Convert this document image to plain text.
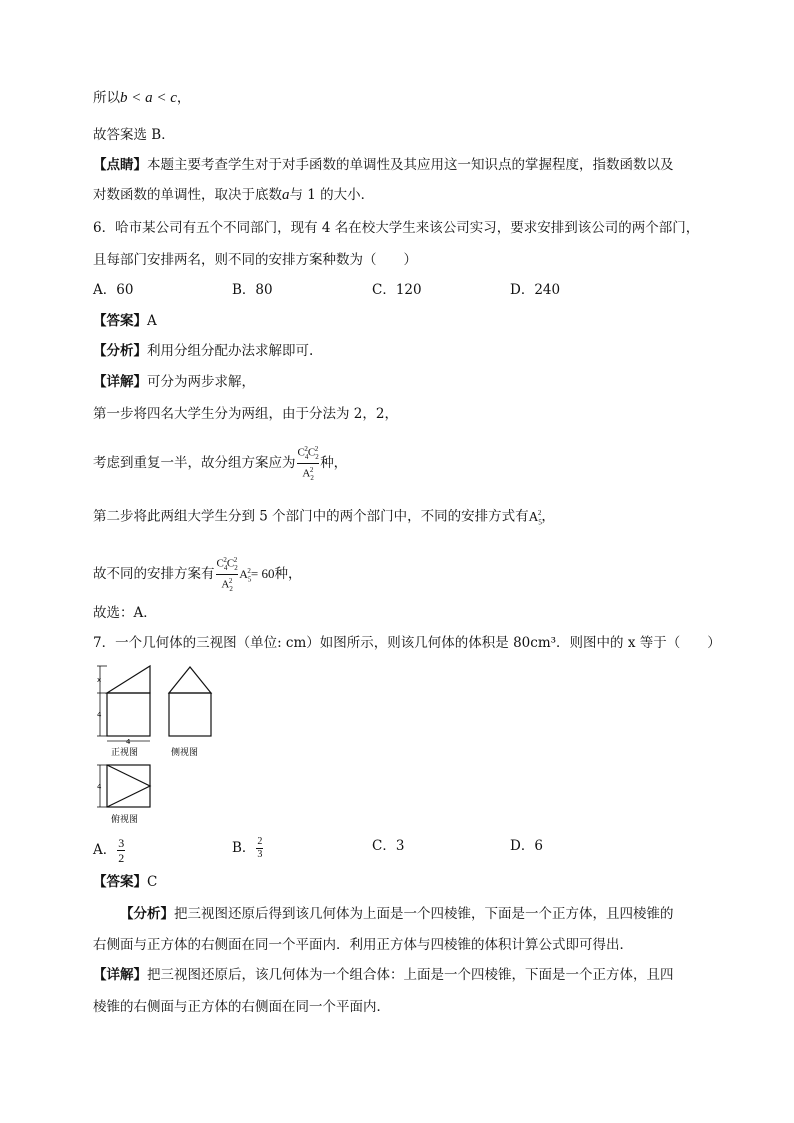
所以b < a < c，
故答案选 B．
【点睛】本题主要考查学生对于对手函数的单调性及其应用这一知识点的掌握程度，指数函数以及
对数函数的单调性，取决于底数a与 1 的大小．
6．哈市某公司有五个不同部门，现有 4 名在校大学生来该公司实习，要求安排到该公司的两个部门，
且每部门安排两名，则不同的安排方案种数为（　　）
A．60	B．80	C．120	D．240
【答案】A
【分析】利用分组分配办法求解即可.
【详解】可分为两步求解，
第一步将四名大学生分为两组，由于分法为 2，2，
考虑到重复一半，故分组方案应为 $\frac{C_4^2C_2^2}{A_2^2}$ 种，
第二步将此两组大学生分到 5 个部门中的两个部门中，不同的安排方式有$A_5^2$，
故不同的安排方案有 $\frac{C_4^2C_2^2}{A_2^2} A_5^2= 60$种，
故选：A．
7．一个几何体的三视图（单位: cm）如图所示，则该几何体的体积是 80cm³．则图中的 x 等于（　　）
x
4
4
正视图	侧视图
4
俯视图
A． $\frac{3}{2}$	B． $\frac{2}{3}$	C．3	D．6
【答案】C
【分析】把三视图还原后得到该几何体为上面是一个四棱锥，下面是一个正方体，且四棱锥的
右侧面与正方体的右侧面在同一个平面内．利用正方体与四棱锥的体积计算公式即可得出．
【详解】把三视图还原后，该几何体为一个组合体：上面是一个四棱锥，下面是一个正方体，且四
棱锥的右侧面与正方体的右侧面在同一个平面内．
